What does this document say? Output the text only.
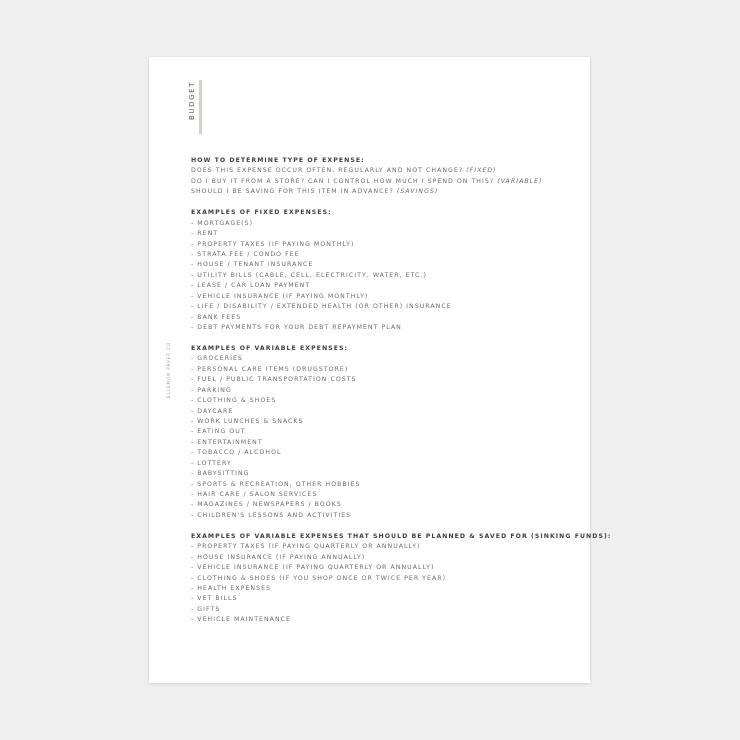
BUDGET
ELLEMON PAPER CO.
HOW TO DETERMINE TYPE OF EXPENSE:
DOES THIS EXPENSE OCCUR OFTEN, REGULARLY AND NOT CHANGE? (FIXED)
DO I BUY IT FROM A STORE? CAN I CONTROL HOW MUCH I SPEND ON THIS? (VARIABLE)
SHOULD I BE SAVING FOR THIS ITEM IN ADVANCE? (SAVINGS)
EXAMPLES OF FIXED EXPENSES:
- MORTGAGE(S)
- RENT
- PROPERTY TAXES (IF PAYING MONTHLY)
- STRATA FEE / CONDO FEE
- HOUSE / TENANT INSURANCE
- UTILITY BILLS (CABLE, CELL, ELECTRICITY, WATER, ETC.)
- LEASE / CAR LOAN PAYMENT
- VEHICLE INSURANCE (IF PAYING MONTHLY)
- LIFE / DISABILITY / EXTENDED HEALTH (OR OTHER) INSURANCE
- BANK FEES
- DEBT PAYMENTS FOR YOUR DEBT REPAYMENT PLAN
EXAMPLES OF VARIABLE EXPENSES:
- GROCERIES
- PERSONAL CARE ITEMS (DRUGSTORE)
- FUEL / PUBLIC TRANSPORTATION COSTS
- PARKING
- CLOTHING & SHOES
- DAYCARE
- WORK LUNCHES & SNACKS
- EATING OUT
- ENTERTAINMENT
- TOBACCO / ALCOHOL
- LOTTERY
- BABYSITTING
- SPORTS & RECREATION, OTHER HOBBIES
- HAIR CARE / SALON SERVICES
- MAGAZINES / NEWSPAPERS / BOOKS
- CHILDREN'S LESSONS AND ACTIVITIES
EXAMPLES OF VARIABLE EXPENSES THAT SHOULD BE PLANNED & SAVED FOR (SINKING FUNDS):
- PROPERTY TAXES (IF PAYING QUARTERLY OR ANNUALLY)
- HOUSE INSURANCE (IF PAYING ANNUALLY)
- VEHICLE INSURANCE (IF PAYING QUARTERLY OR ANNUALLY)
- CLOTHING & SHOES (IF YOU SHOP ONCE OR TWICE PER YEAR)
- HEALTH EXPENSES
- VET BILLS
- GIFTS
- VEHICLE MAINTENANCE
